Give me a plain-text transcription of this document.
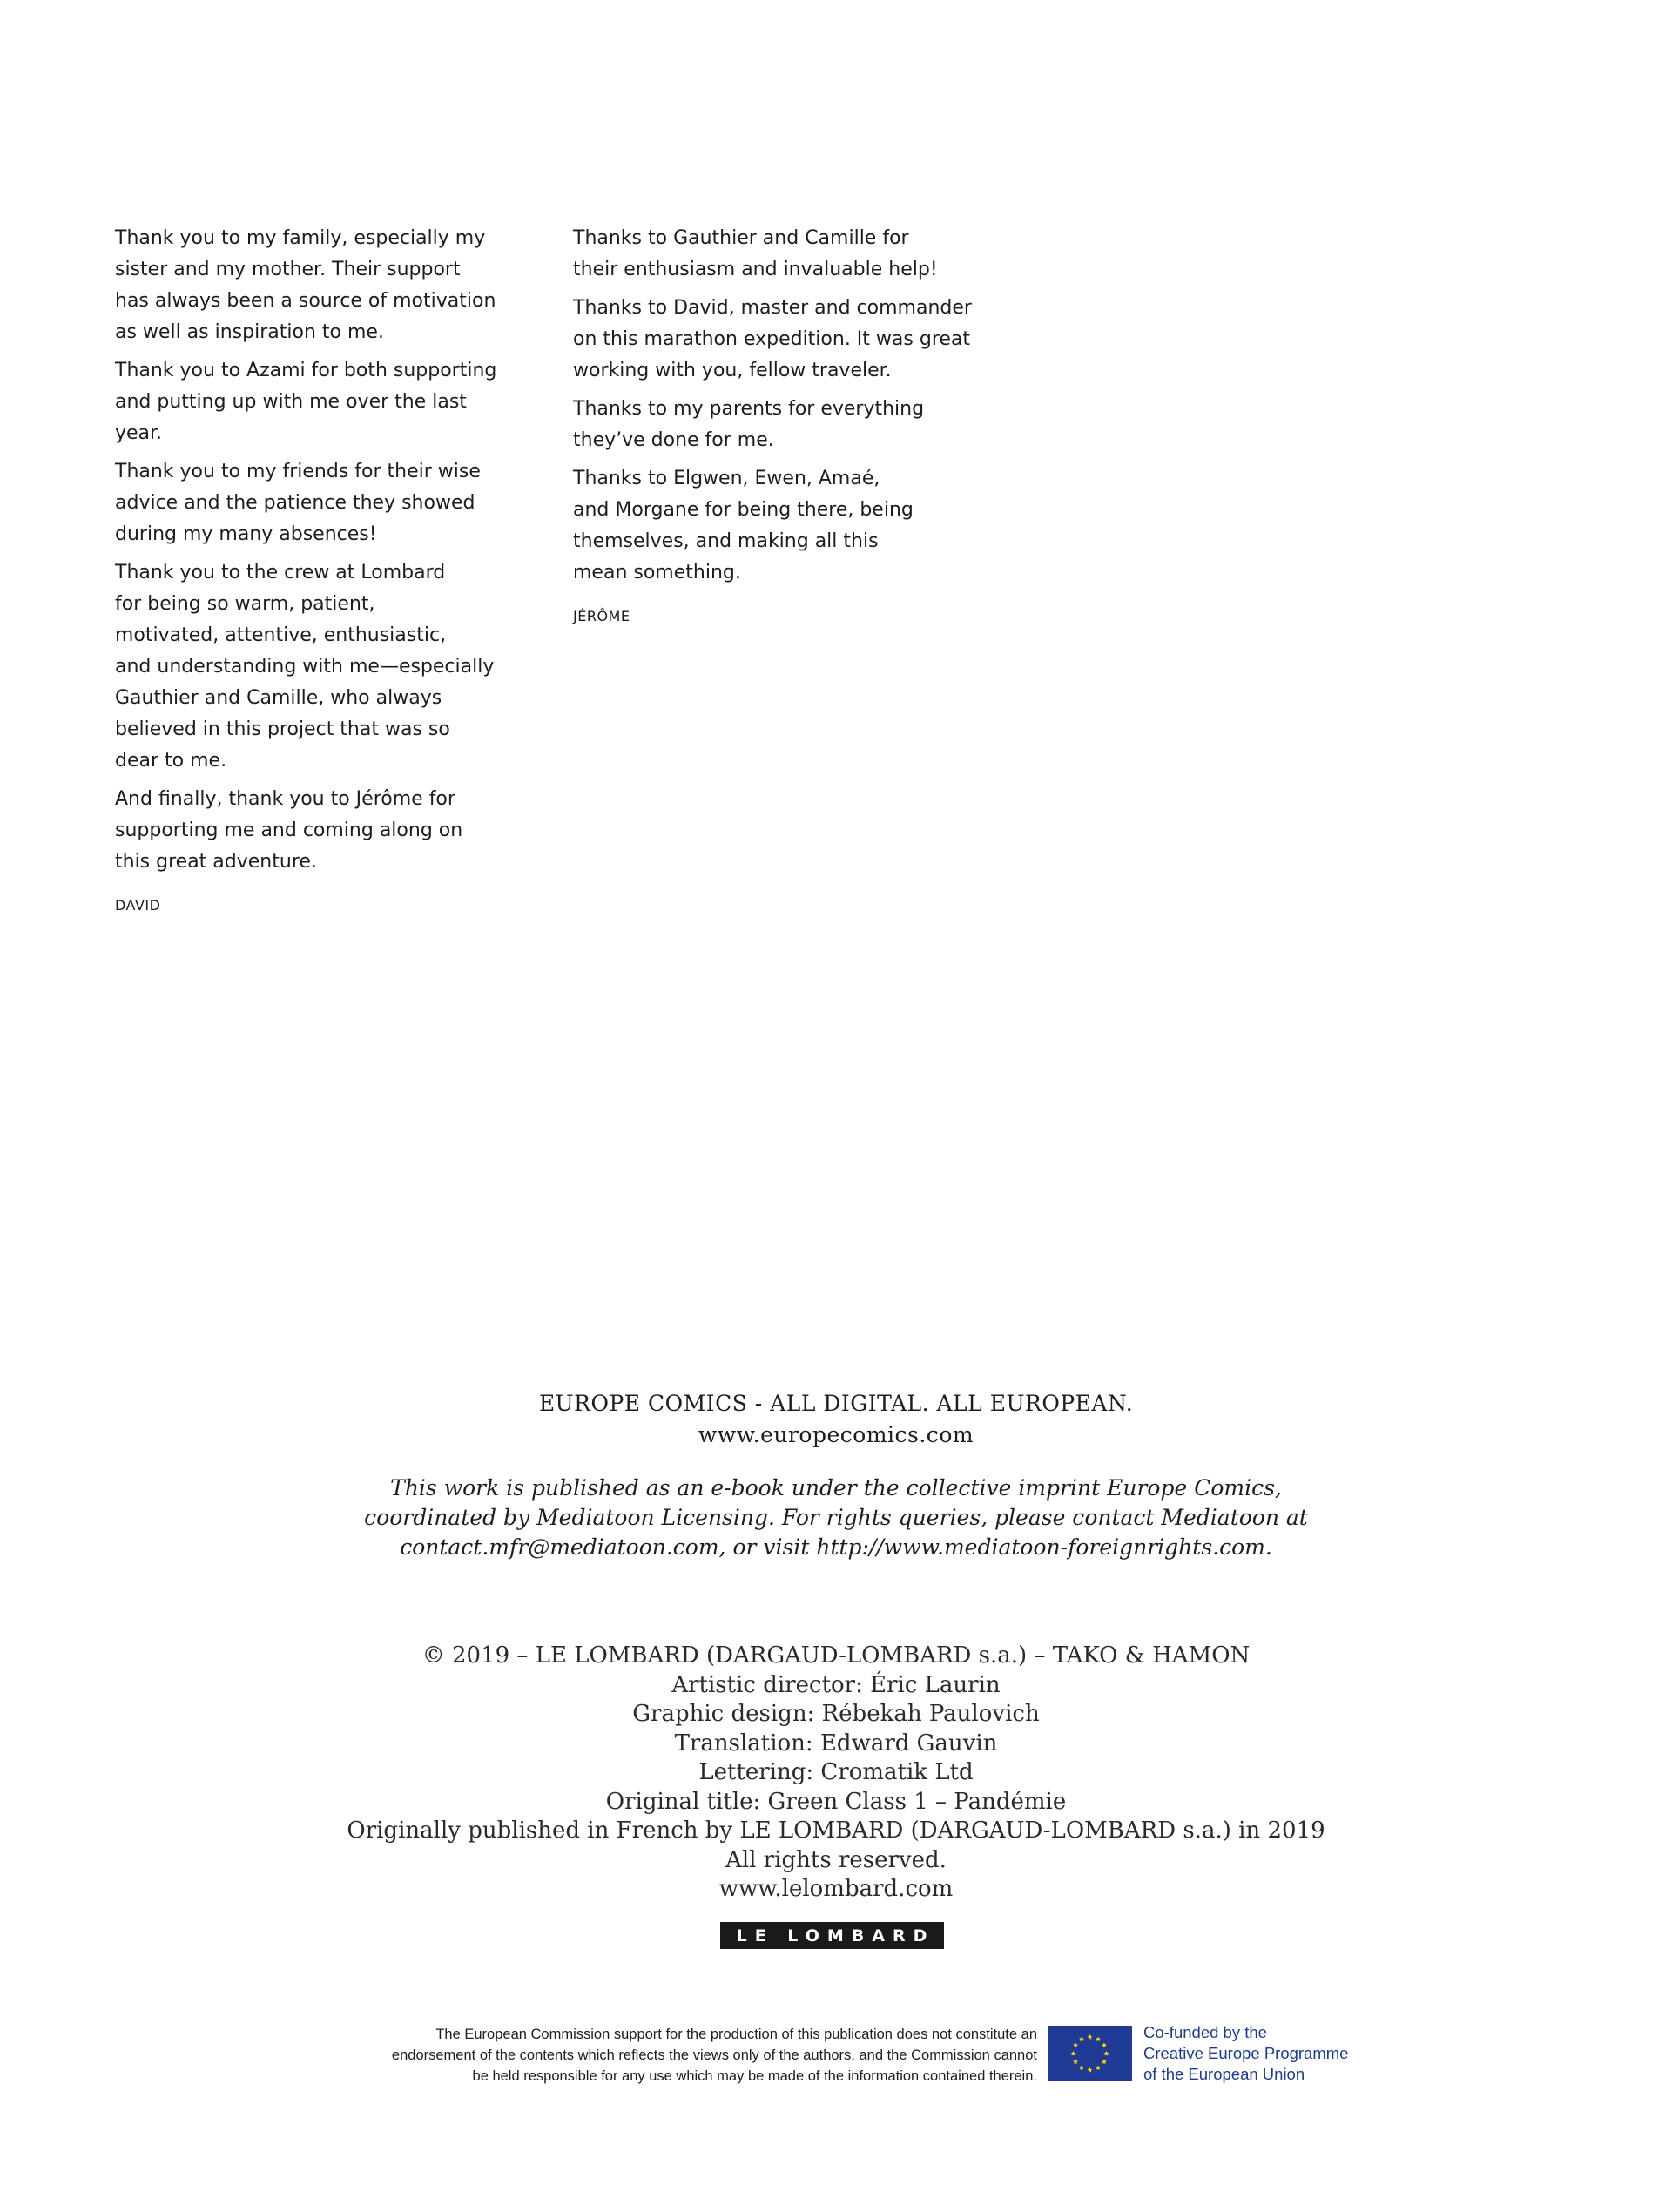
Thank you to my family, especially my
sister and my mother. Their support
has always been a source of motivation
as well as inspiration to me.

Thank you to Azami for both supporting
and putting up with me over the last
year.

Thank you to my friends for their wise
advice and the patience they showed
during my many absences!

Thank you to the crew at Lombard
for being so warm, patient,
motivated, attentive, enthusiastic,
and understanding with me—especially
Gauthier and Camille, who always
believed in this project that was so
dear to me.

And finally, thank you to Jérôme for
supporting me and coming along on
this great adventure.

DAVID

Thanks to Gauthier and Camille for
their enthusiasm and invaluable help!

Thanks to David, master and commander
on this marathon expedition. It was great
working with you, fellow traveler.

Thanks to my parents for everything
they’ve done for me.

Thanks to Elgwen, Ewen, Amaé,
and Morgane for being there, being
themselves, and making all this
mean something.

JÉRÔME

EUROPE COMICS - ALL DIGITAL. ALL EUROPEAN.

www.europecomics.com

This work is published as an e-book under the collective imprint Europe Comics,

coordinated by Mediatoon Licensing. For rights queries, please contact Mediatoon at

contact.mfr@mediatoon.com, or visit http://www.mediatoon-foreignrights.com.

© 2019 – LE LOMBARD (DARGAUD-LOMBARD s.a.) – TAKO & HAMON

Artistic director: Éric Laurin

Graphic design: Rébekah Paulovich

Translation: Edward Gauvin

Lettering: Cromatik Ltd

Original title: Green Class 1 – Pandémie

Originally published in French by LE LOMBARD (DARGAUD-LOMBARD s.a.) in 2019

All rights reserved.

www.lelombard.com

LE LOMBARD

The European Commission support for the production of this publication does not constitute an

endorsement of the contents which reflects the views only of the authors, and the Commission cannot

be held responsible for any use which may be made of the information contained therein.

Co-funded by the

Creative Europe Programme

of the European Union
